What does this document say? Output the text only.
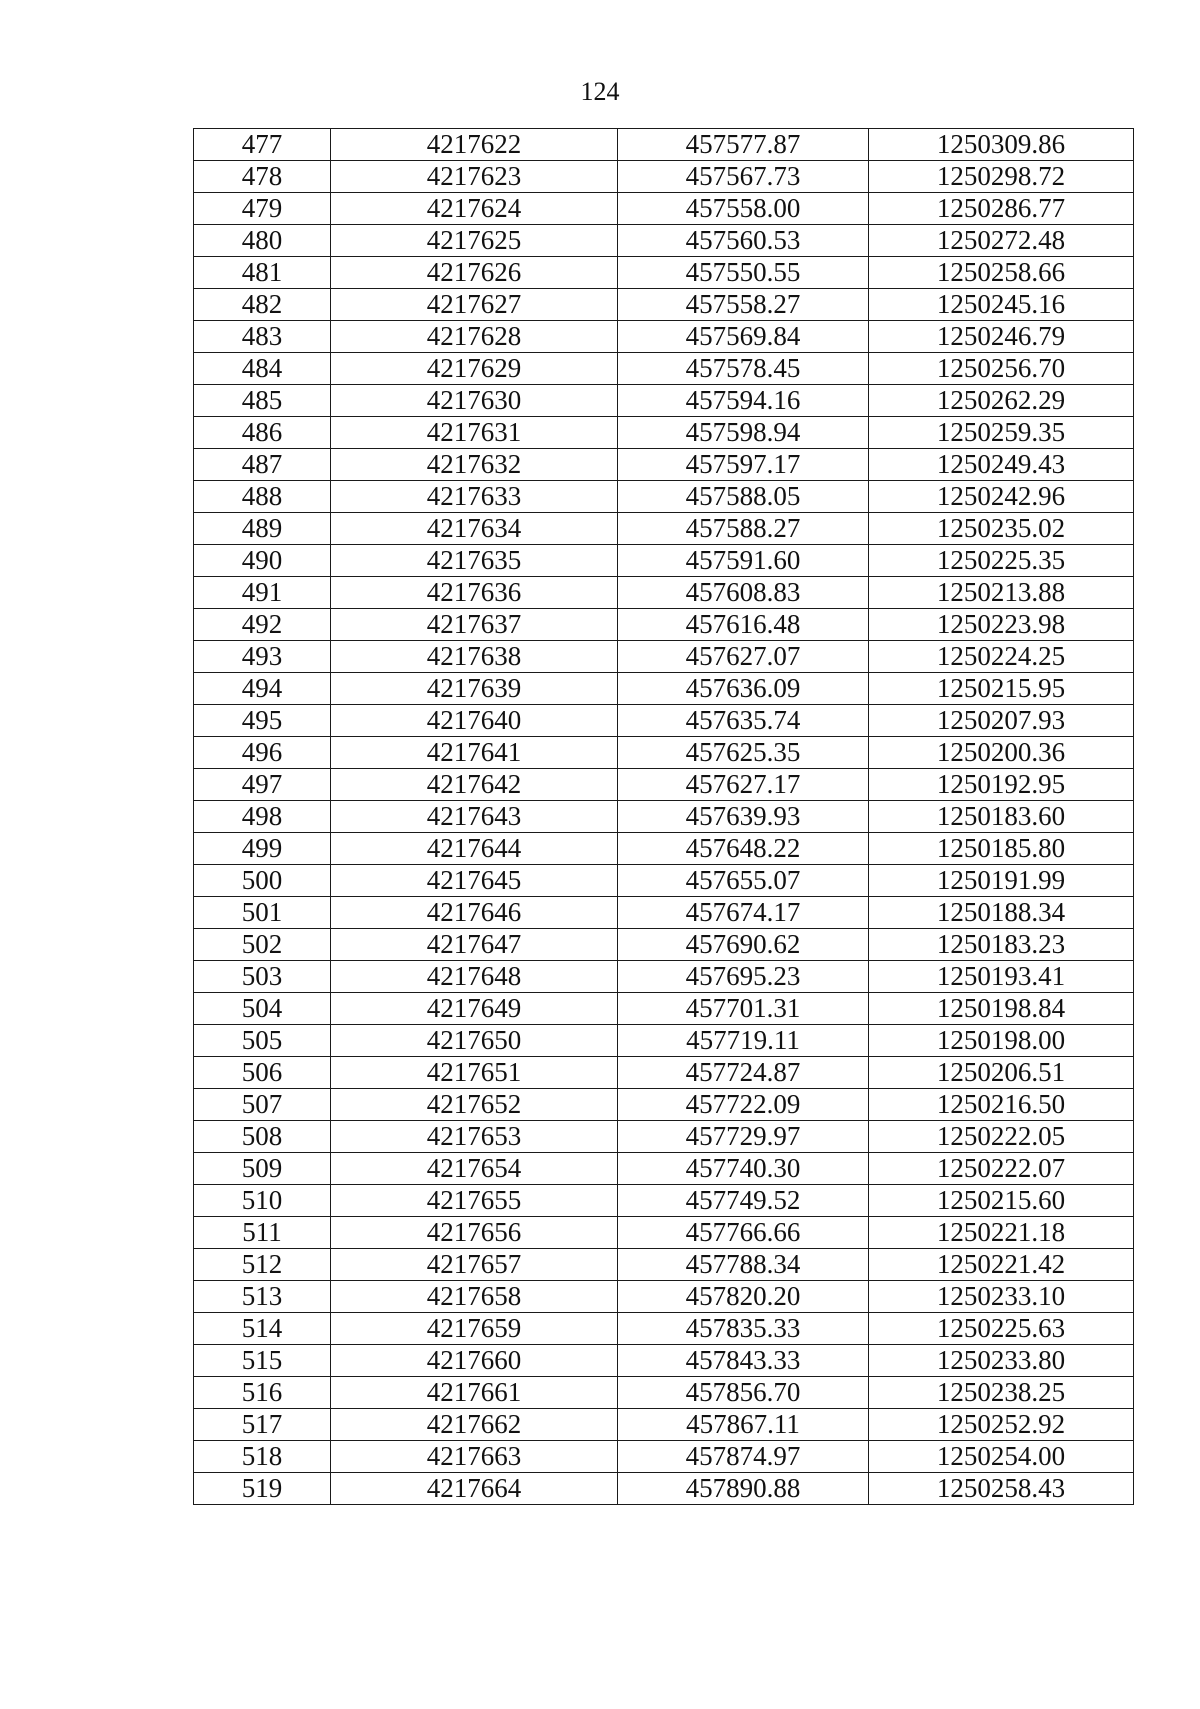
124
477	4217622	457577.87	1250309.86
478	4217623	457567.73	1250298.72
479	4217624	457558.00	1250286.77
480	4217625	457560.53	1250272.48
481	4217626	457550.55	1250258.66
482	4217627	457558.27	1250245.16
483	4217628	457569.84	1250246.79
484	4217629	457578.45	1250256.70
485	4217630	457594.16	1250262.29
486	4217631	457598.94	1250259.35
487	4217632	457597.17	1250249.43
488	4217633	457588.05	1250242.96
489	4217634	457588.27	1250235.02
490	4217635	457591.60	1250225.35
491	4217636	457608.83	1250213.88
492	4217637	457616.48	1250223.98
493	4217638	457627.07	1250224.25
494	4217639	457636.09	1250215.95
495	4217640	457635.74	1250207.93
496	4217641	457625.35	1250200.36
497	4217642	457627.17	1250192.95
498	4217643	457639.93	1250183.60
499	4217644	457648.22	1250185.80
500	4217645	457655.07	1250191.99
501	4217646	457674.17	1250188.34
502	4217647	457690.62	1250183.23
503	4217648	457695.23	1250193.41
504	4217649	457701.31	1250198.84
505	4217650	457719.11	1250198.00
506	4217651	457724.87	1250206.51
507	4217652	457722.09	1250216.50
508	4217653	457729.97	1250222.05
509	4217654	457740.30	1250222.07
510	4217655	457749.52	1250215.60
511	4217656	457766.66	1250221.18
512	4217657	457788.34	1250221.42
513	4217658	457820.20	1250233.10
514	4217659	457835.33	1250225.63
515	4217660	457843.33	1250233.80
516	4217661	457856.70	1250238.25
517	4217662	457867.11	1250252.92
518	4217663	457874.97	1250254.00
519	4217664	457890.88	1250258.43
